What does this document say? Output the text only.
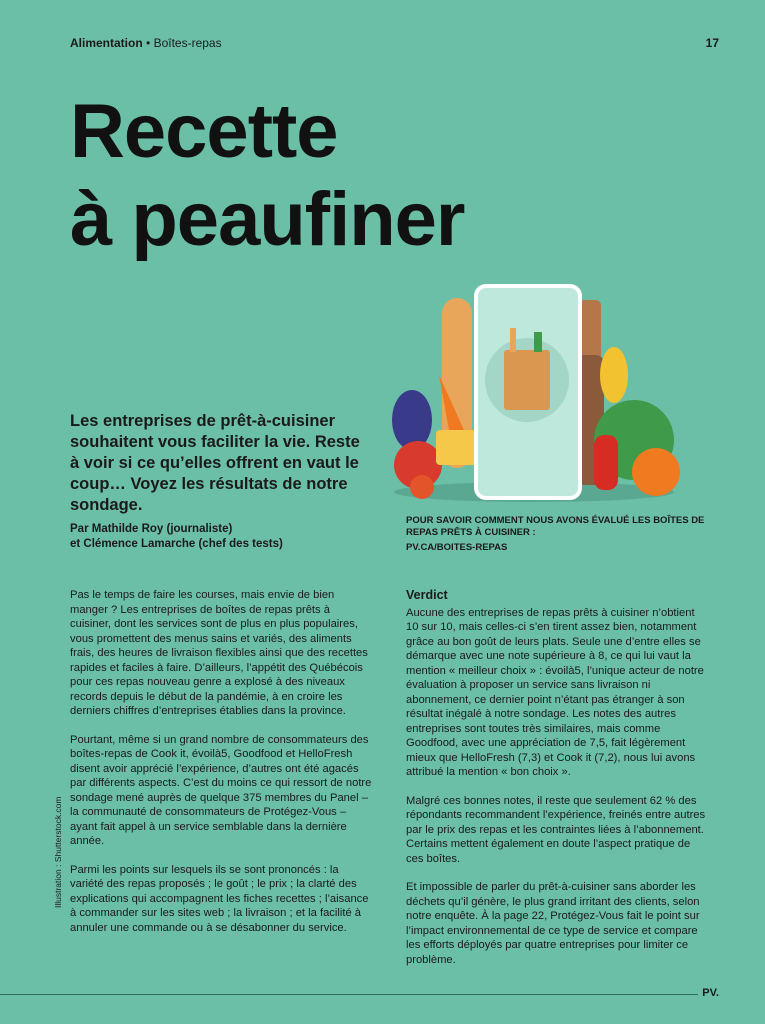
Alimentation • Boîtes-repas	17
Recette
à peaufiner
Les entreprises de prêt-à-cuisiner souhaitent vous faciliter la vie. Reste à voir si ce qu’elles offrent en vaut le coup… Voyez les résultats de notre sondage.
Par Mathilde Roy (journaliste)
et Clémence Lamarche (chef des tests)
POUR SAVOIR COMMENT NOUS AVONS ÉVALUÉ LES BOÎTES DE REPAS PRÊTS À CUISINER :
PV.CA/BOITES-REPAS

Pas le temps de faire les courses, mais envie de bien manger ? Les entreprises de boîtes de repas prêts à cuisiner, dont les services sont de plus en plus populaires, vous promettent des menus sains et variés, des aliments frais, des heures de livraison flexibles ainsi que des recettes rapides et faciles à faire. D’ailleurs, l’appétit des Québécois pour ces repas nouveau genre a explosé à des niveaux records depuis le début de la pandémie, à en croire les derniers chiffres d’entreprises établies dans la province.

Pourtant, même si un grand nombre de consommateurs des boîtes-repas de Cook it, évoilà5, Goodfood et HelloFresh disent avoir apprécié l’expérience, d’autres ont été agacés par différents aspects. C’est du moins ce qui ressort de notre sondage mené auprès de quelque 375 membres du Panel – la communauté de consommateurs de Protégez-Vous – ayant fait appel à un service semblable dans la dernière année.

Parmi les points sur lesquels ils se sont prononcés : la variété des repas proposés ; le goût ; le prix ; la clarté des explications qui accompagnent les fiches recettes ; l’aisance à commander sur les sites web ; la livraison ; et la facilité à annuler une commande ou à se désabonner du service.

Verdict

Aucune des entreprises de repas prêts à cuisiner n’obtient 10 sur 10, mais celles-ci s’en tirent assez bien, notamment grâce au bon goût de leurs plats. Seule une d’entre elles se démarque avec une note supérieure à 8, ce qui lui vaut la mention « meilleur choix » : évoilà5, l’unique acteur de notre évaluation à proposer un service sans livraison ni abonnement, ce dernier point n’étant pas étranger à son résultat inégalé à notre sondage. Les notes des autres entreprises sont toutes très similaires, mais comme Goodfood, avec une appréciation de 7,5, fait légèrement mieux que HelloFresh (7,3) et Cook it (7,2), nous lui avons attribué la mention « bon choix ».

Malgré ces bonnes notes, il reste que seulement 62 % des répondants recommandent l’expérience, freinés entre autres par le prix des repas et les contraintes liées à l’abonnement. Certains mettent également en doute l’aspect pratique de ces boîtes.

Et impossible de parler du prêt-à-cuisiner sans aborder les déchets qu’il génère, le plus grand irritant des clients, selon notre enquête. À la page 22, Protégez-Vous fait le point sur l’impact environnemental de ce type de service et compare les efforts déployés par quatre entreprises pour limiter ce problème.

Illustration : Shutterstock.com
PV.
